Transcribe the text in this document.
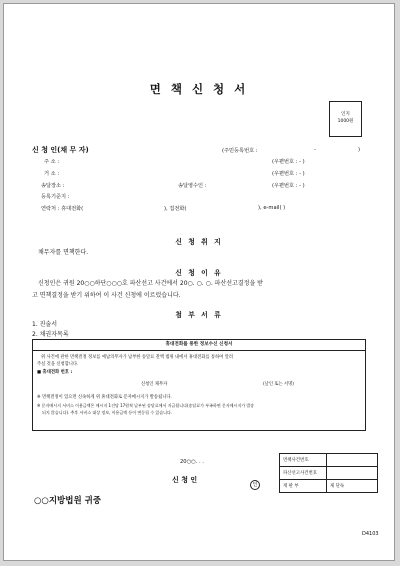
면 책 신 청 서
인지
1000원
신 청 인(채 무 자)	(주민등록번호 :	-	)
주 소 :	(우편번호 : - )
거 소 :	(우편번호 : - )
송달장소 :	송달영수인 :	(우편번호 : - )
등록기준지 :
연락처 : 휴대전화(	), 집전화(	), e-mail( )
신 청 취 지
채무자를 면책한다.
신 청 이 유
신청인은 귀원 20○○하단○○○호 파산선고 사건에서 20○. ○. ○. 파산선고결정을 받
고 면책결정을 받기 위하여 이 사건 신청에 이르렀습니다.
첨 부 서 류
1. 진술서
2. 채권자목록
휴대전화를 통한 정보수신 신청서
위 사건에 관한 면책결정 정보를 예납의무자가 납부한 송달료 잔액 범위 내에서 휴대전화를 통하여 알려
주실 것을 신청합니다.
■ 휴대전화 번호 :
신청인 채무자	(날인 또는 서명)
※ 면책결정이 있으면 신속하게 위 휴대전화로 문자메시지가 발송됩니다.
※ 문자메시지 서비스 이용금액은 메시지 1건당 17원씩 납부된 송달료에서 지급됩니다(송달료가 부족하면 문자메시지가 발송
되지 않습니다). 추후 서비스 대상 정보, 이용금액 등이 변동될 수 있습니다.
20○○. . .
신 청 인
인
면책사건번호	
파산선고사건번호	
재 판 부	제 단독
○○지방법원 귀중
D4103
